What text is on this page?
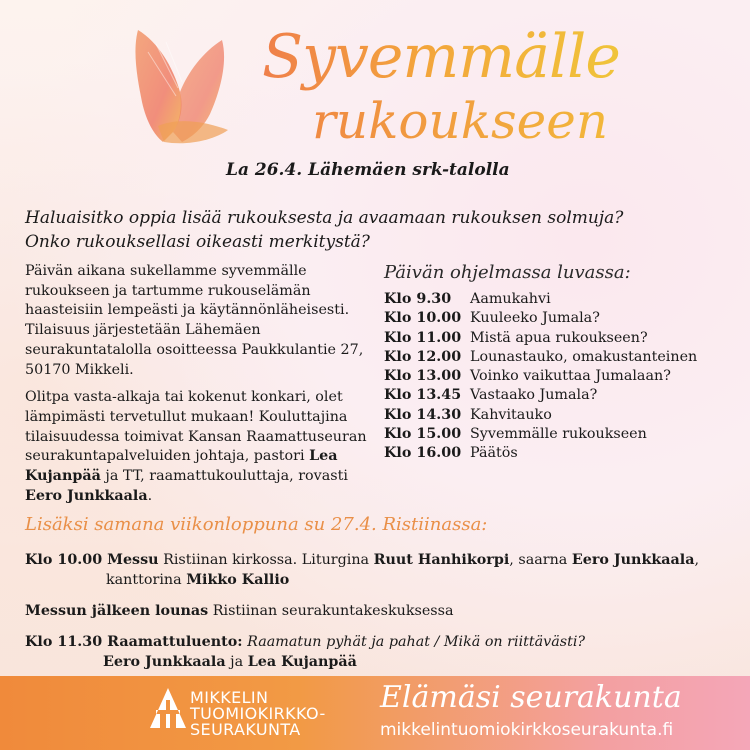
Syvemmälle
rukoukseen
La 26.4. Lähemäen srk-talolla
Haluaisitko oppia lisää rukouksesta ja avaamaan rukouksen solmuja?
Onko rukouksellasi oikeasti merkitystä?

Päivän aikana sukellamme syvemmälle rukoukseen ja tartumme rukouselämän haasteisiin lempeästi ja käytännönläheisesti. Tilaisuus järjestetään Lähemäen seurakuntatalolla osoitteessa Paukkulantie 27, 50170 Mikkeli.

Olitpa vasta-alkaja tai kokenut konkari, olet lämpimästi tervetullut mukaan! Kouluttajina tilaisuudessa toimivat Kansan Raamattuseuran seurakuntapalveluiden johtaja, pastori Lea Kujanpää ja TT, raamattukouluttaja, rovasti Eero Junkkaala.

Päivän ohjelmassa luvassa:
Klo 9.30	Aamukahvi
Klo 10.00 Kuuleeko Jumala?
Klo 11.00 Mistä apua rukoukseen?
Klo 12.00 Lounastauko, omakustanteinen
Klo 13.00 Voinko vaikuttaa Jumalaan?
Klo 13.45 Vastaako Jumala?
Klo 14.30 Kahvitauko
Klo 15.00 Syvemmälle rukoukseen
Klo 16.00 Päätös
Lisäksi samana viikonloppuna su 27.4. Ristiinassa:
Klo 10.00 Messu Ristiinan kirkossa. Liturgina Ruut Hanhikorpi, saarna Eero Junkkaala,
kanttorina Mikko Kallio
Messun jälkeen lounas Ristiinan seurakuntakeskuksessa
Klo 11.30 Raamattuluento: Raamatun pyhät ja pahat / Mikä on riittävästi?
Eero Junkkaala ja Lea Kujanpää
MIKKELIN
TUOMIOKIRKKO-
SEURAKUNTA
Elämäsi seurakunta
mikkelintuomiokirkkoseurakunta.fi
